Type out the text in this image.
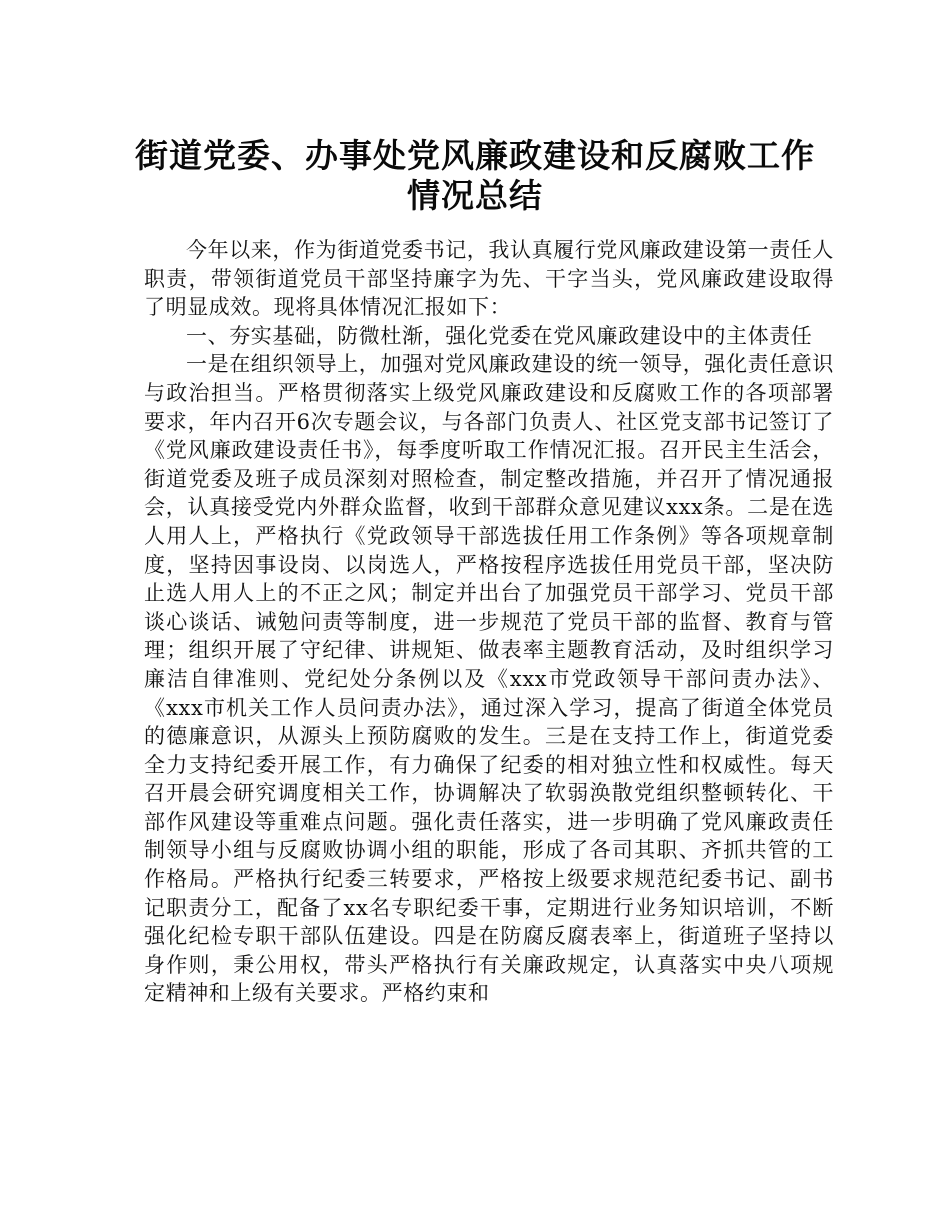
街道党委、办事处党风廉政建设和反腐败工作
情况总结

今年以来，作为街道党委书记，我认真履行党风廉政建设第一责任人职责，带领街道党员干部坚持廉字为先、干字当头，党风廉政建设取得了明显成效。现将具体情况汇报如下：

一、夯实基础，防微杜渐，强化党委在党风廉政建设中的主体责任

一是在组织领导上，加强对党风廉政建设的统一领导，强化责任意识与政治担当。严格贯彻落实上级党风廉政建设和反腐败工作的各项部署要求，年内召开6次专题会议，与各部门负责人、社区党支部书记签订了《党风廉政建设责任书》，每季度听取工作情况汇报。召开民主生活会，街道党委及班子成员深刻对照检查，制定整改措施，并召开了情况通报会，认真接受党内外群众监督，收到干部群众意见建议xxx条。二是在选人用人上，严格执行《党政领导干部选拔任用工作条例》等各项规章制度，坚持因事设岗、以岗选人，严格按程序选拔任用党员干部，坚决防止选人用人上的不正之风；制定并出台了加强党员干部学习、党员干部谈心谈话、诫勉问责等制度，进一步规范了党员干部的监督、教育与管理；组织开展了守纪律、讲规矩、做表率主题教育活动，及时组织学习廉洁自律准则、党纪处分条例以及《xxx市党政领导干部问责办法》、《xxx市机关工作人员问责办法》，通过深入学习，提高了街道全体党员的德廉意识，从源头上预防腐败的发生。三是在支持工作上，街道党委全力支持纪委开展工作，有力确保了纪委的相对独立性和权威性。每天召开晨会研究调度相关工作，协调解决了软弱涣散党组织整顿转化、干部作风建设等重难点问题。强化责任落实，进一步明确了党风廉政责任制领导小组与反腐败协调小组的职能，形成了各司其职、齐抓共管的工作格局。严格执行纪委三转要求，严格按上级要求规范纪委书记、副书记职责分工，配备了xx名专职纪委干事，定期进行业务知识培训，不断强化纪检专职干部队伍建设。四是在防腐反腐表率上，街道班子坚持以身作则，秉公用权，带头严格执行有关廉政规定，认真落实中央八项规定精神和上级有关要求。严格约束和
